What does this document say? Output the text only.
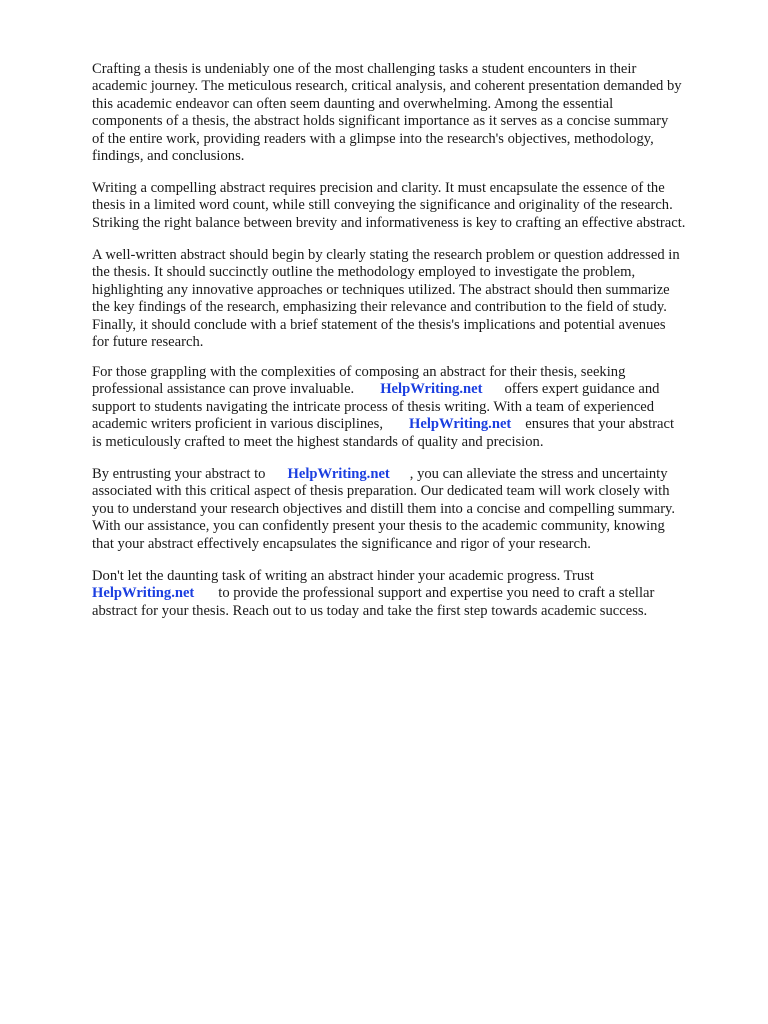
Crafting a thesis is undeniably one of the most challenging tasks a student encounters in their
academic journey. The meticulous research, critical analysis, and coherent presentation demanded by
this academic endeavor can often seem daunting and overwhelming. Among the essential
components of a thesis, the abstract holds significant importance as it serves as a concise summary
of the entire work, providing readers with a glimpse into the research's objectives, methodology,
findings, and conclusions.
Writing a compelling abstract requires precision and clarity. It must encapsulate the essence of the
thesis in a limited word count, while still conveying the significance and originality of the research.
Striking the right balance between brevity and informativeness is key to crafting an effective abstract.
A well-written abstract should begin by clearly stating the research problem or question addressed in
the thesis. It should succinctly outline the methodology employed to investigate the problem,
highlighting any innovative approaches or techniques utilized. The abstract should then summarize
the key findings of the research, emphasizing their relevance and contribution to the field of study.
Finally, it should conclude with a brief statement of the thesis's implications and potential avenues
for future research.
For those grappling with the complexities of composing an abstract for their thesis, seeking
professional assistance can prove invaluable. HelpWriting.net offers expert guidance and
support to students navigating the intricate process of thesis writing. With a team of experienced
academic writers proficient in various disciplines, HelpWriting.net ensures that your abstract
is meticulously crafted to meet the highest standards of quality and precision.
By entrusting your abstract to HelpWriting.net , you can alleviate the stress and uncertainty
associated with this critical aspect of thesis preparation. Our dedicated team will work closely with
you to understand your research objectives and distill them into a concise and compelling summary.
With our assistance, you can confidently present your thesis to the academic community, knowing
that your abstract effectively encapsulates the significance and rigor of your research.
Don't let the daunting task of writing an abstract hinder your academic progress. Trust
HelpWriting.net to provide the professional support and expertise you need to craft a stellar
abstract for your thesis. Reach out to us today and take the first step towards academic success.
